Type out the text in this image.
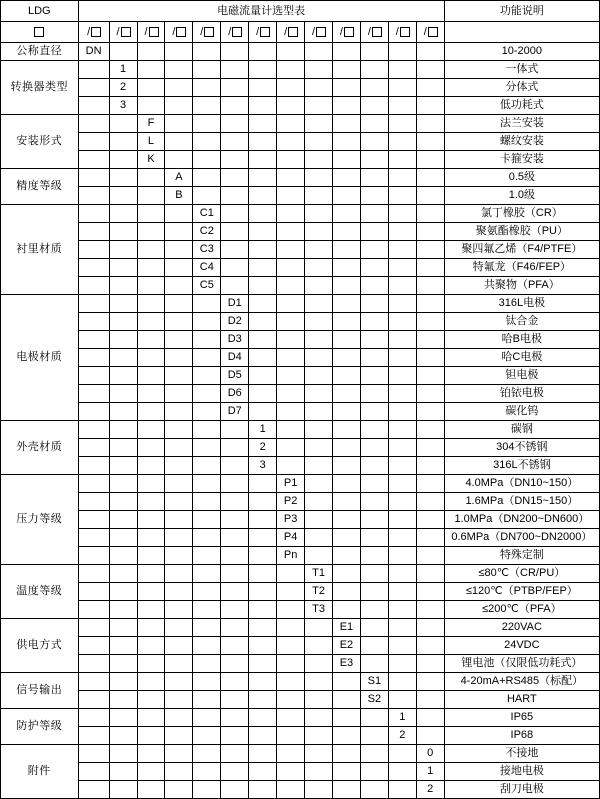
LDG	电磁流量计选型表													功能说明
	/	/	/	/	/	/	/	/	/	/	/	/	/	
公称直径	DN													10-2000
转换器类型		1												一体式
		2												分体式
		3												低功耗式
安装形式			F											法兰安装
			L											螺纹安装
			K											卡箍安装
精度等级				A										0.5级
				B										1.0级
衬里材质					C1									氯丁橡胶（CR）
					C2									聚氨酯橡胶（PU）
					C3									聚四氟乙烯（F4/PTFE）
					C4									特氟龙（F46/FEP）
					C5									共聚物（PFA）
电极材质						D1								316L电极
						D2								钛合金
						D3								哈B电极
						D4								哈C电极
						D5								钽电极
						D6								铂铱电极
						D7								碳化钨
外壳材质							1							碳钢
							2							304不锈钢
							3							316L不锈钢
压力等级								P1						4.0MPa（DN10~150）
								P2						1.6MPa（DN15~150）
								P3						1.0MPa（DN200~DN600）
								P4						0.6MPa（DN700~DN2000）
								Pn						特殊定制
温度等级									T1					≤80℃（CR/PU）
									T2					≤120℃（PTBP/FEP）
									T3					≤200℃（PFA）
供电方式										E1				220VAC
										E2				24VDC
										E3				锂电池（仅限低功耗式）
信号输出											S1			4-20mA+RS485（标配）
											S2			HART
防护等级												1		IP65
												2		IP68
附件													0	不接地
													1	接地电极
													2	刮刀电极
